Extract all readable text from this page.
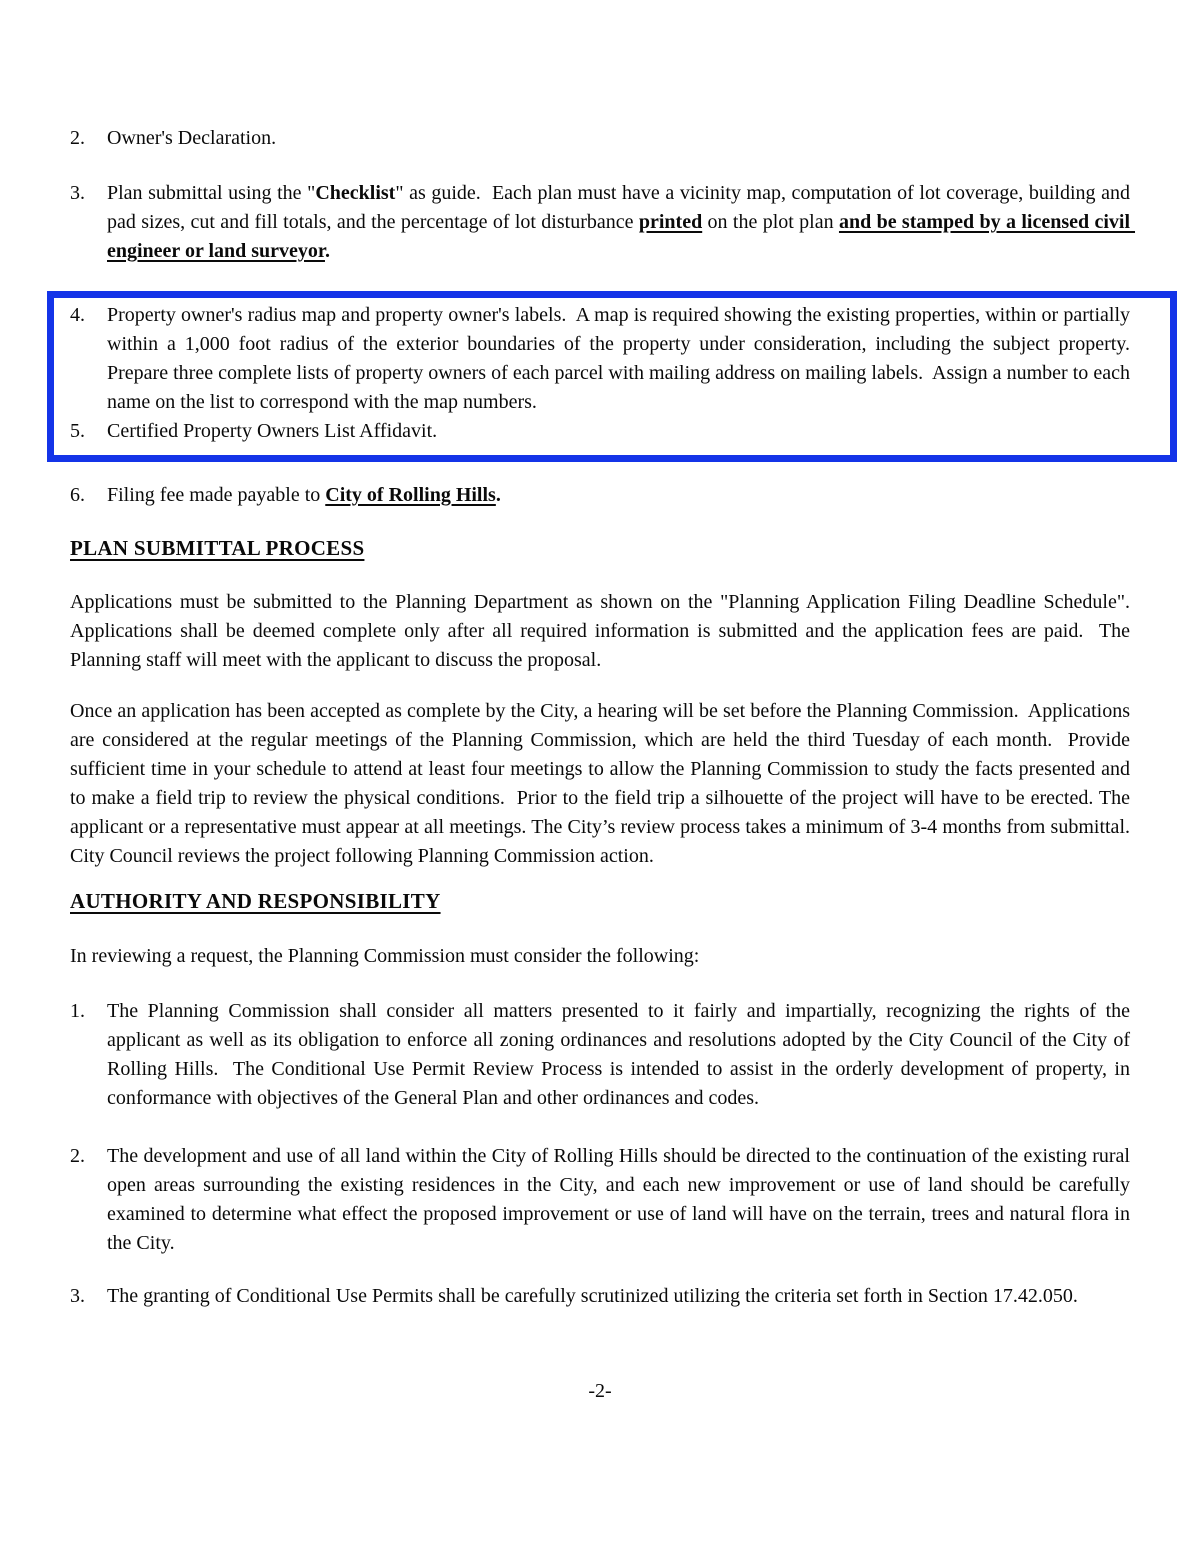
2.	Owner's Declaration.
3.	Plan submittal using the "Checklist" as guide.  Each plan must have a vicinity map, computation of lot coverage, building and pad sizes, cut and fill totals, and the percentage of lot disturbance printed on the plot plan and be stamped by a licensed civil engineer or land surveyor.
4.	Property owner's radius map and property owner's labels.  A map is required showing the existing properties, within or partially within a 1,000 foot radius of the exterior boundaries of the property under consideration, including the subject property.  Prepare three complete lists of property owners of each parcel with mailing address on mailing labels.  Assign a number to each name on the list to correspond with the map numbers.
5.	Certified Property Owners List Affidavit.
6.	Filing fee made payable to City of Rolling Hills.
PLAN SUBMITTAL PROCESS

Applications must be submitted to the Planning Department as shown on the "Planning Application Filing Deadline Schedule".  Applications shall be deemed complete only after all required information is submitted and the application fees are paid.  The Planning staff will meet with the applicant to discuss the proposal.

Once an application has been accepted as complete by the City, a hearing will be set before the Planning Commission.  Applications are considered at the regular meetings of the Planning Commission, which are held the third Tuesday of each month.  Provide sufficient time in your schedule to attend at least four meetings to allow the Planning Commission to study the facts presented and to make a field trip to review the physical conditions.  Prior to the field trip a silhouette of the project will have to be erected. The applicant or a representative must appear at all meetings. The City’s review process takes a minimum of 3-4 months from submittal. City Council reviews the project following Planning Commission action.

AUTHORITY AND RESPONSIBILITY

In reviewing a request, the Planning Commission must consider the following:

1.	The Planning Commission shall consider all matters presented to it fairly and impartially, recognizing the rights of the applicant as well as its obligation to enforce all zoning ordinances and resolutions adopted by the City Council of the City of Rolling Hills.  The Conditional Use Permit Review Process is intended to assist in the orderly development of property, in conformance with objectives of the General Plan and other ordinances and codes.
2.	The development and use of all land within the City of Rolling Hills should be directed to the continuation of the existing rural open areas surrounding the existing residences in the City, and each new improvement or use of land should be carefully examined to determine what effect the proposed improvement or use of land will have on the terrain, trees and natural flora in the City.
3.	The granting of Conditional Use Permits shall be carefully scrutinized utilizing the criteria set forth in Section 17.42.050.
-2-
